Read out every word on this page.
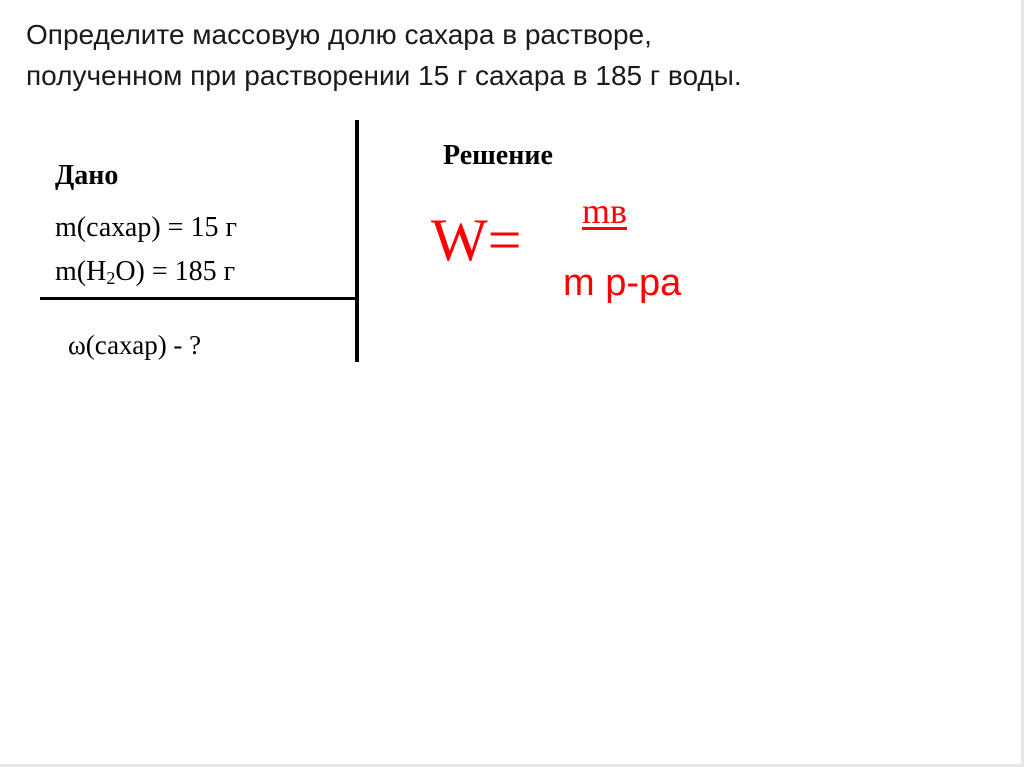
Определите массовую долю сахара в растворе,
полученном при растворении 15 г сахара в 185 г воды.
Дано
m(сахар) = 15 г
$m(H_2O) = 185$ г
ω(сахар) - ?
Решение
W= mв
m р-ра
